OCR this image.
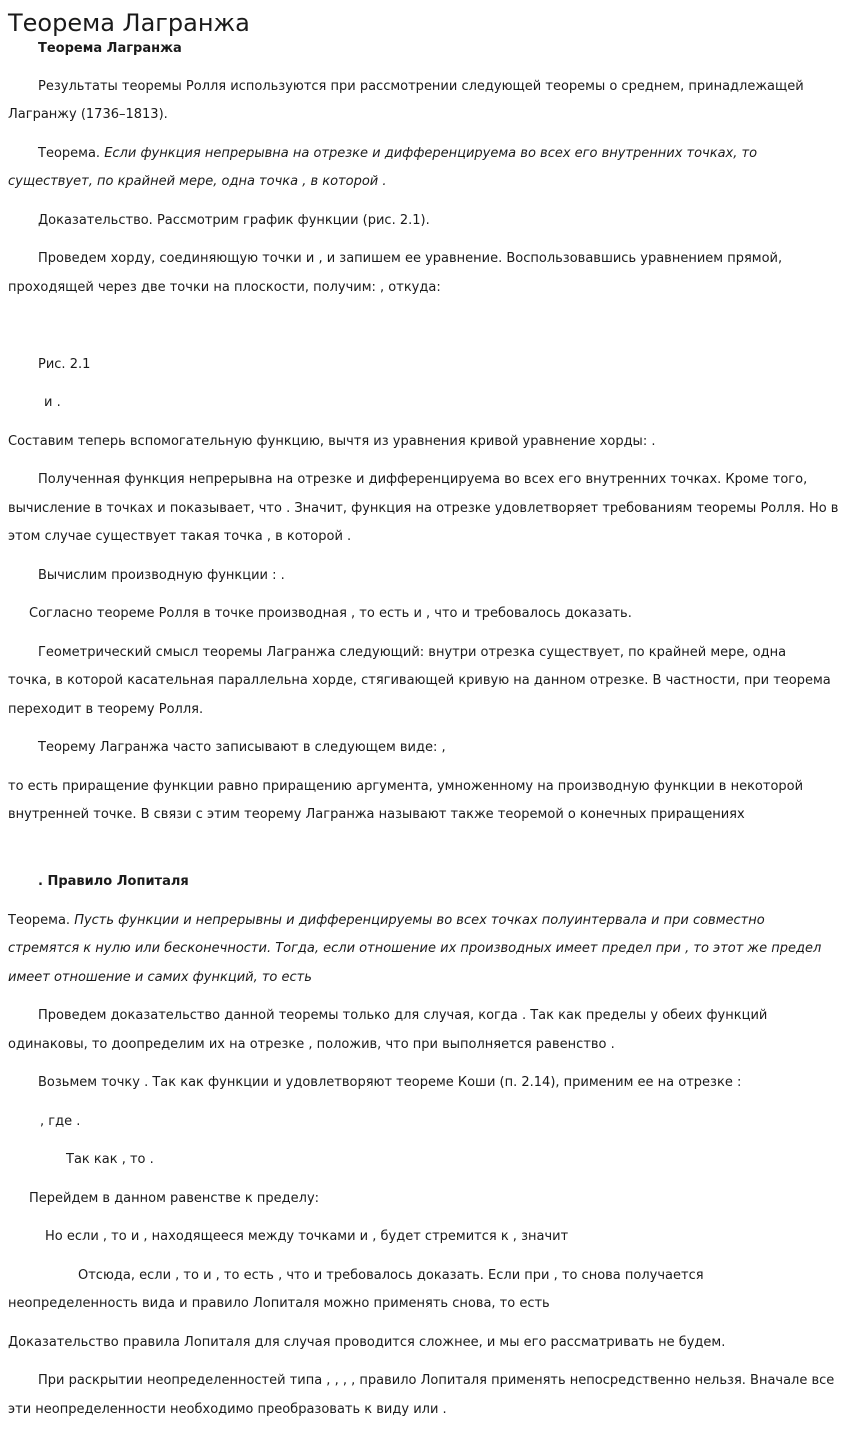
Теорема Лагранжа

Теорема Лагранжа

Результаты теоремы Ролля используются при рассмотрении следующей теоремы о среднем, принадлежащей

Лагранжу (1736–1813).

Теорема. Если функция непрерывна на отрезке и дифференцируема во всех его внутренних точках, то

существует, по крайней мере, одна точка , в которой .

Доказательство. Рассмотрим график функции (рис. 2.1).

Проведем хорду, соединяющую точки и , и запишем ее уравнение. Воспользовавшись уравнением прямой,

проходящей через две точки на плоскости, получим: , откуда:

Рис. 2.1

и .

Составим теперь вспомогательную функцию, вычтя из уравнения кривой уравнение хорды: .

Полученная функция непрерывна на отрезке и дифференцируема во всех его внутренних точках. Кроме того,

вычисление в точках и показывает, что . Значит, функция на отрезке удовлетворяет требованиям теоремы Ролля. Но в

этом случае существует такая точка , в которой .

Вычислим производную функции : .

Согласно теореме Ролля в точке производная , то есть и , что и требовалось доказать.

Геометрический смысл теоремы Лагранжа следующий: внутри отрезка существует, по крайней мере, одна

точка, в которой касательная параллельна хорде, стягивающей кривую на данном отрезке. В частности, при теорема

переходит в теорему Ролля.

Теорему Лагранжа часто записывают в следующем виде: ,

то есть приращение функции равно приращению аргумента, умноженному на производную функции в некоторой

внутренней точке. В связи с этим теорему Лагранжа называют также теоремой о конечных приращениях

. Правило Лопиталя

Теорема. Пусть функции и непрерывны и дифференцируемы во всех точках полуинтервала и при совместно

стремятся к нулю или бесконечности. Тогда, если отношение их производных имеет предел при , то этот же предел

имеет отношение и самих функций, то есть

Проведем доказательство данной теоремы только для случая, когда . Так как пределы у обеих функций

одинаковы, то доопределим их на отрезке , положив, что при выполняется равенство .

Возьмем точку . Так как функции и удовлетворяют теореме Коши (п. 2.14), применим ее на отрезке :

, где .

Так как , то .

Перейдем в данном равенстве к пределу:

Но если , то и , находящееся между точками и , будет стремится к , значит

Отсюда, если , то и , то есть , что и требовалось доказать. Если при , то снова получается

неопределенность вида и правило Лопиталя можно применять снова, то есть

Доказательство правила Лопиталя для случая проводится сложнее, и мы его рассматривать не будем.

При раскрытии неопределенностей типа , , , , правило Лопиталя применять непосредственно нельзя. Вначале все

эти неопределенности необходимо преобразовать к виду или .
